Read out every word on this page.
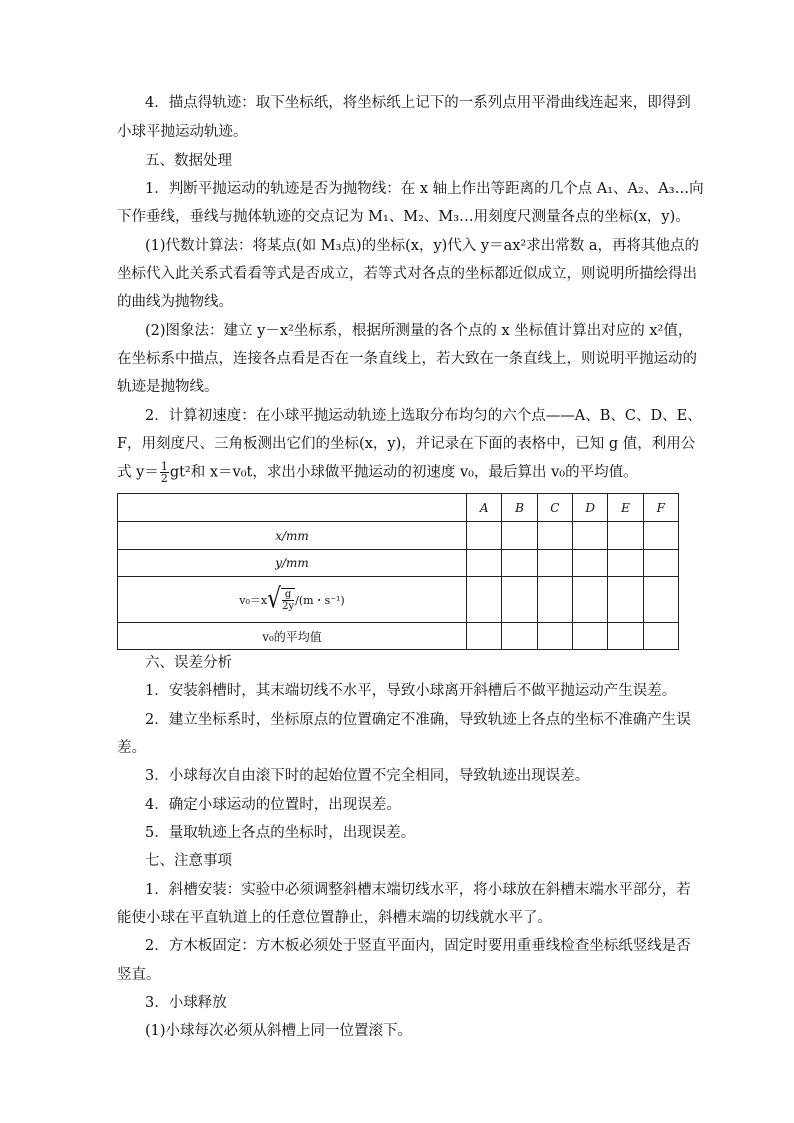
4．描点得轨迹：取下坐标纸，将坐标纸上记下的一系列点用平滑曲线连起来，即得到
小球平抛运动轨迹。
五、数据处理
1．判断平抛运动的轨迹是否为抛物线：在 x 轴上作出等距离的几个点 A₁、A₂、A₃…向
下作垂线，垂线与抛体轨迹的交点记为 M₁、M₂、M₃…用刻度尺测量各点的坐标(x，y)。
(1)代数计算法：将某点(如 M₃点)的坐标(x，y)代入 y＝ax²求出常数 a，再将其他点的
坐标代入此关系式看看等式是否成立，若等式对各点的坐标都近似成立，则说明所描绘得出
的曲线为抛物线。
(2)图象法：建立 y－x²坐标系，根据所测量的各个点的 x 坐标值计算出对应的 x²值，
在坐标系中描点，连接各点看是否在一条直线上，若大致在一条直线上，则说明平抛运动的
轨迹是抛物线。
2．计算初速度：在小球平抛运动轨迹上选取分布均匀的六个点——A、B、C、D、E、
F，用刻度尺、三角板测出它们的坐标(x，y)，并记录在下面的表格中，已知 g 值，利用公
式 $y= \frac{1}{2} gt^2$和 x＝v₀t，求出小球做平抛运动的初速度 v₀，最后算出 v₀的平均值。
	A	B	C	D	E	F
x/mm						
y/mm						

v₀＝x √ $\frac{g}{2y} /(m$・s⁻¹)						

v₀的平均值						
六、误差分析
1．安装斜槽时，其末端切线不水平，导致小球离开斜槽后不做平抛运动产生误差。
2．建立坐标系时，坐标原点的位置确定不准确，导致轨迹上各点的坐标不准确产生误
差。
3．小球每次自由滚下时的起始位置不完全相同，导致轨迹出现误差。
4．确定小球运动的位置时，出现误差。
5．量取轨迹上各点的坐标时，出现误差。
七、注意事项
1．斜槽安装：实验中必须调整斜槽末端切线水平，将小球放在斜槽末端水平部分，若
能使小球在平直轨道上的任意位置静止，斜槽末端的切线就水平了。
2．方木板固定：方木板必须处于竖直平面内，固定时要用重垂线检查坐标纸竖线是否
竖直。
3．小球释放
(1)小球每次必须从斜槽上同一位置滚下。
